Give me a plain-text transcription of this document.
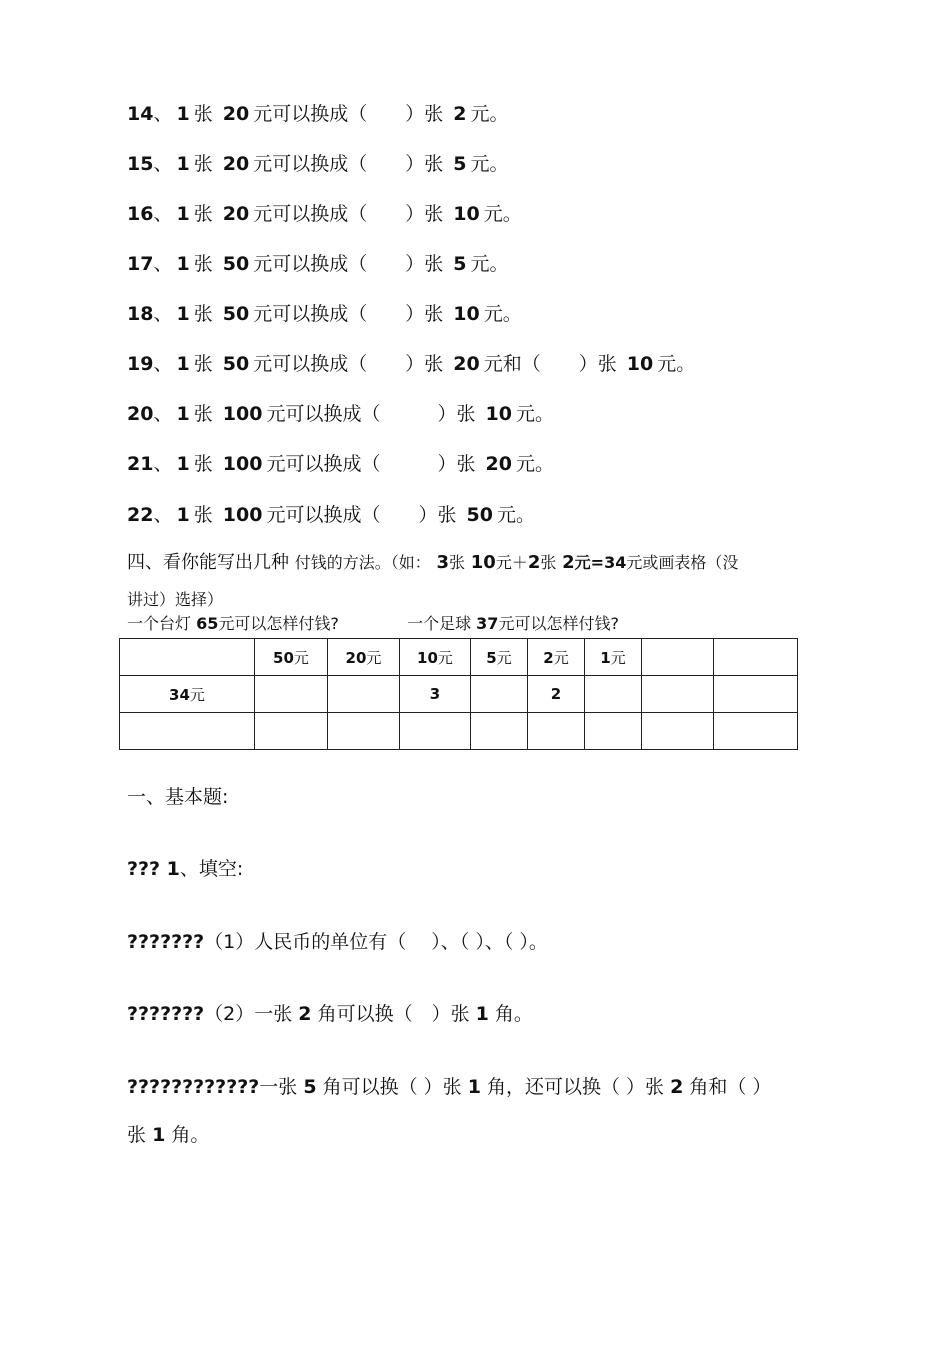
14、 1 张 20 元可以换成（　　）张 2 元。
15、 1 张 20 元可以换成（　　）张 5 元。
16、 1 张 20 元可以换成（　　）张 10 元。
17、 1 张 50 元可以换成（　　）张 5 元。
18、 1 张 50 元可以换成（　　）张 10 元。
19、 1 张 50 元可以换成（　　）张 20 元和（　　）张 10 元。
20、 1 张 100 元可以换成（　　　）张 10 元。
21、 1 张 100 元可以换成（　　　）张 20 元。
22、 1 张 100 元可以换成（　　）张 50 元。
四、看你能写出几种 付钱的方法。（如： 3张 10元＋2张 2元=34元或画表格（没
讲过）选择）
一个台灯 65元可以怎样付钱?	一个足球 37元可以怎样付钱?
	50元	20元	10元	5元	2元	1元		
34元			3		2			

一、基本题:
??? 1、填空:
???????（1）人民币的单位有（　 ）、（ ）、（ ）。
???????（2）一张 2 角可以换（　）张 1 角。
????????????一张 5 角可以换（ ）张 1 角，还可以换（ ）张 2 角和（ ）
张 1 角。
